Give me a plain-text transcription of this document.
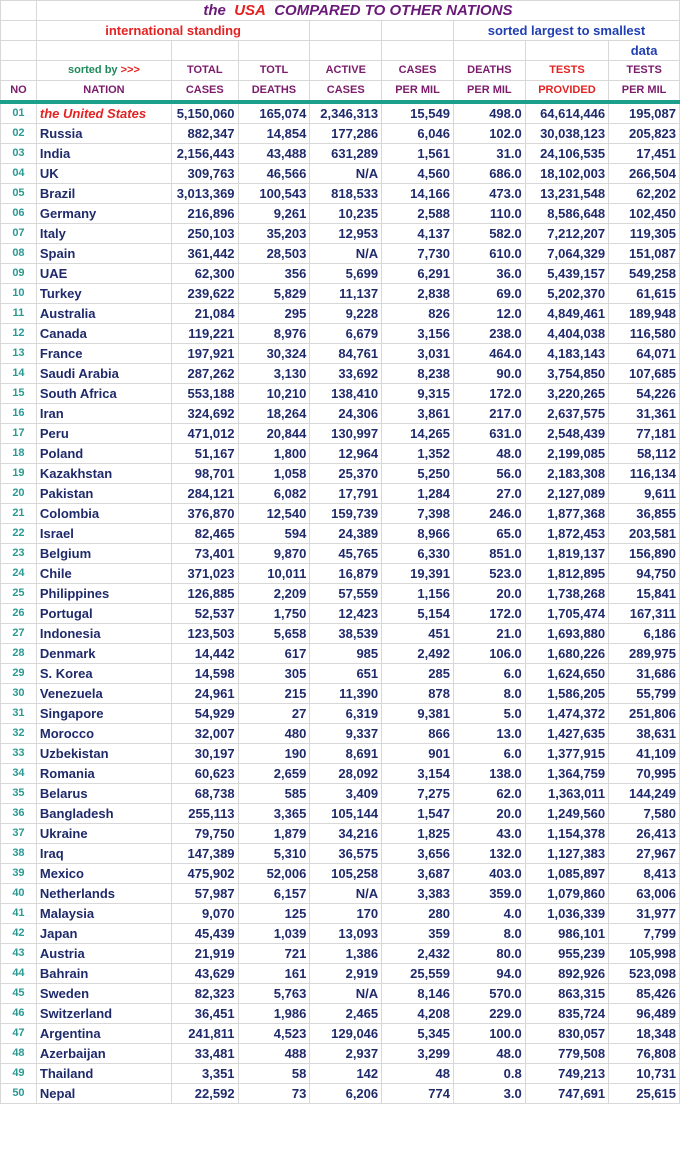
	the USA COMPARED TO OTHER NATIONS							
	international standing					sorted largest to smallest		
								data
	sorted by >>>	TOTAL	TOTL	ACTIVE	CASES	DEATHS	TESTS	TESTS
NO	NATION	CASES	DEATHS	CASES	PER MIL	PER MIL	PROVIDED	PER MIL
01	the United States	5,150,060	165,074	2,346,313	15,549	498.0	64,614,446	195,087
02	Russia	882,347	14,854	177,286	6,046	102.0	30,038,123	205,823
03	India	2,156,443	43,488	631,289	1,561	31.0	24,106,535	17,451
04	UK	309,763	46,566	N/A	4,560	686.0	18,102,003	266,504
05	Brazil	3,013,369	100,543	818,533	14,166	473.0	13,231,548	62,202
06	Germany	216,896	9,261	10,235	2,588	110.0	8,586,648	102,450
07	Italy	250,103	35,203	12,953	4,137	582.0	7,212,207	119,305
08	Spain	361,442	28,503	N/A	7,730	610.0	7,064,329	151,087
09	UAE	62,300	356	5,699	6,291	36.0	5,439,157	549,258
10	Turkey	239,622	5,829	11,137	2,838	69.0	5,202,370	61,615
11	Australia	21,084	295	9,228	826	12.0	4,849,461	189,948
12	Canada	119,221	8,976	6,679	3,156	238.0	4,404,038	116,580
13	France	197,921	30,324	84,761	3,031	464.0	4,183,143	64,071
14	Saudi Arabia	287,262	3,130	33,692	8,238	90.0	3,754,850	107,685
15	South Africa	553,188	10,210	138,410	9,315	172.0	3,220,265	54,226
16	Iran	324,692	18,264	24,306	3,861	217.0	2,637,575	31,361
17	Peru	471,012	20,844	130,997	14,265	631.0	2,548,439	77,181
18	Poland	51,167	1,800	12,964	1,352	48.0	2,199,085	58,112
19	Kazakhstan	98,701	1,058	25,370	5,250	56.0	2,183,308	116,134
20	Pakistan	284,121	6,082	17,791	1,284	27.0	2,127,089	9,611
21	Colombia	376,870	12,540	159,739	7,398	246.0	1,877,368	36,855
22	Israel	82,465	594	24,389	8,966	65.0	1,872,453	203,581
23	Belgium	73,401	9,870	45,765	6,330	851.0	1,819,137	156,890
24	Chile	371,023	10,011	16,879	19,391	523.0	1,812,895	94,750
25	Philippines	126,885	2,209	57,559	1,156	20.0	1,738,268	15,841
26	Portugal	52,537	1,750	12,423	5,154	172.0	1,705,474	167,311
27	Indonesia	123,503	5,658	38,539	451	21.0	1,693,880	6,186
28	Denmark	14,442	617	985	2,492	106.0	1,680,226	289,975
29	S. Korea	14,598	305	651	285	6.0	1,624,650	31,686
30	Venezuela	24,961	215	11,390	878	8.0	1,586,205	55,799
31	Singapore	54,929	27	6,319	9,381	5.0	1,474,372	251,806
32	Morocco	32,007	480	9,337	866	13.0	1,427,635	38,631
33	Uzbekistan	30,197	190	8,691	901	6.0	1,377,915	41,109
34	Romania	60,623	2,659	28,092	3,154	138.0	1,364,759	70,995
35	Belarus	68,738	585	3,409	7,275	62.0	1,363,011	144,249
36	Bangladesh	255,113	3,365	105,144	1,547	20.0	1,249,560	7,580
37	Ukraine	79,750	1,879	34,216	1,825	43.0	1,154,378	26,413
38	Iraq	147,389	5,310	36,575	3,656	132.0	1,127,383	27,967
39	Mexico	475,902	52,006	105,258	3,687	403.0	1,085,897	8,413
40	Netherlands	57,987	6,157	N/A	3,383	359.0	1,079,860	63,006
41	Malaysia	9,070	125	170	280	4.0	1,036,339	31,977
42	Japan	45,439	1,039	13,093	359	8.0	986,101	7,799
43	Austria	21,919	721	1,386	2,432	80.0	955,239	105,998
44	Bahrain	43,629	161	2,919	25,559	94.0	892,926	523,098
45	Sweden	82,323	5,763	N/A	8,146	570.0	863,315	85,426
46	Switzerland	36,451	1,986	2,465	4,208	229.0	835,724	96,489
47	Argentina	241,811	4,523	129,046	5,345	100.0	830,057	18,348
48	Azerbaijan	33,481	488	2,937	3,299	48.0	779,508	76,808
49	Thailand	3,351	58	142	48	0.8	749,213	10,731
50	Nepal	22,592	73	6,206	774	3.0	747,691	25,615
